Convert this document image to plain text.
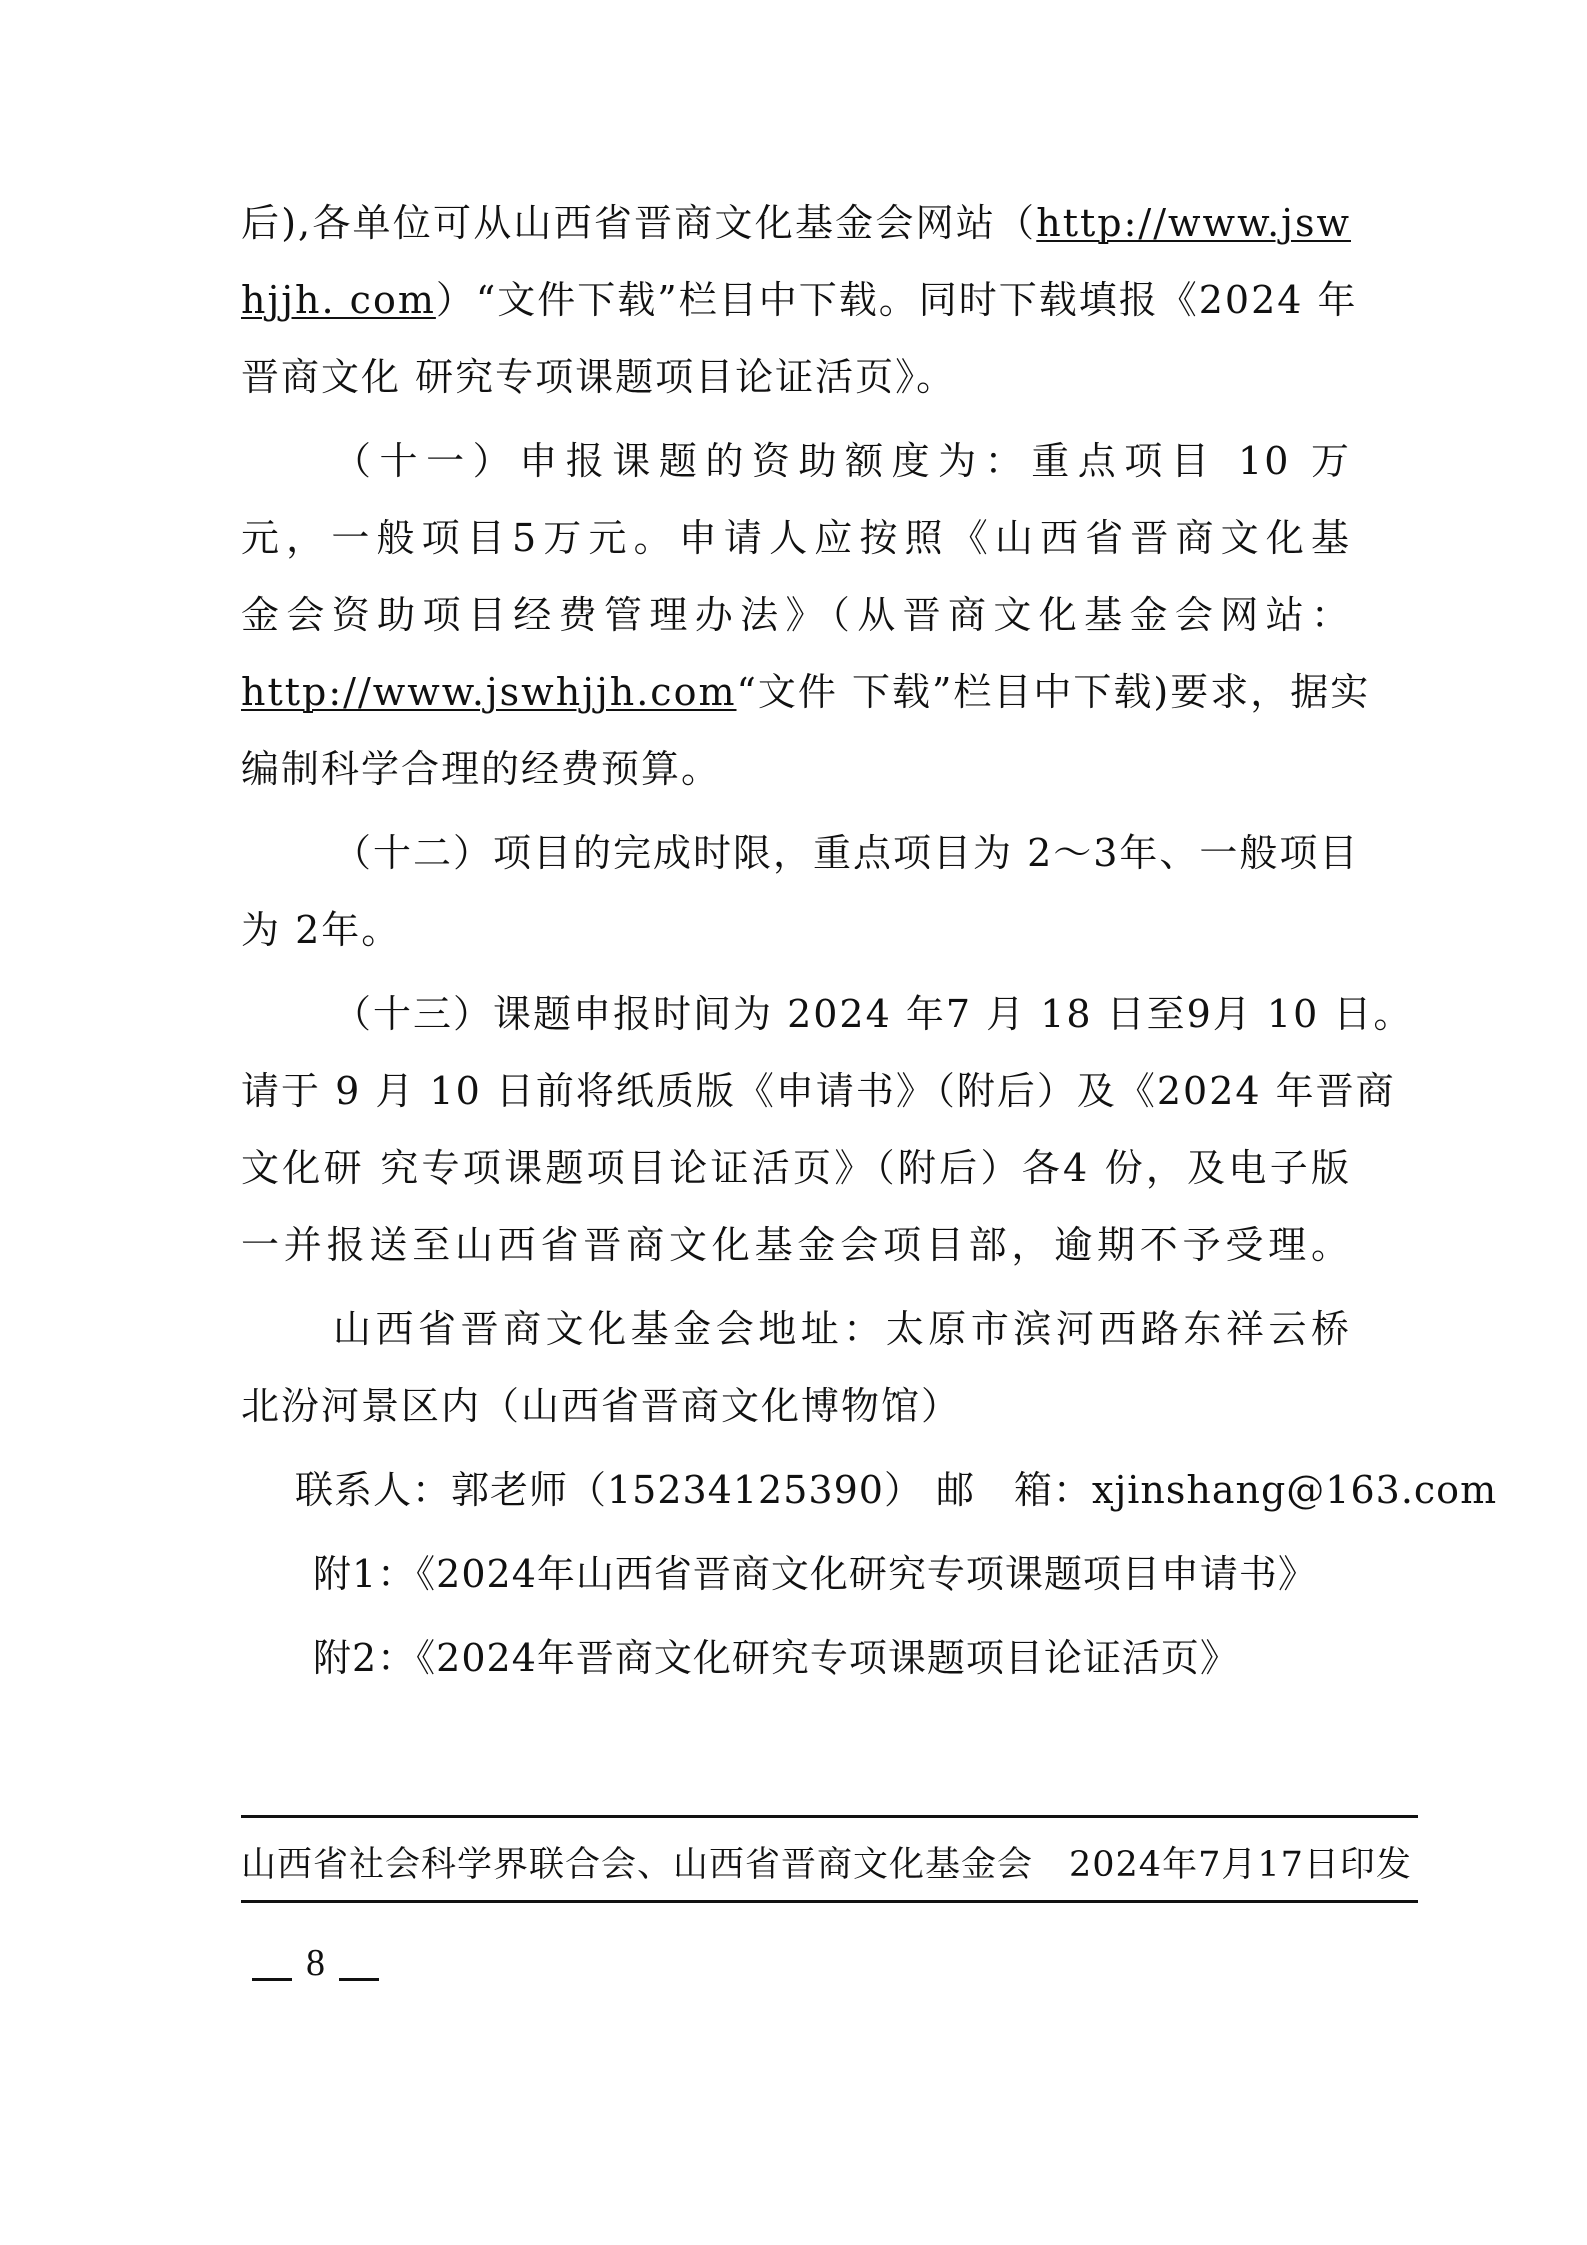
后),各单位可从山西省晋商文化基金会网站（http://www.jsw
hjjh. com）“文件下载”栏目中下载。同时下载填报《2024 年
晋商文化 研究专项课题项目论证活页》。
（十一）申报课题的资助额度为：重点项目 10 万
元，一般项目5万元。申请人应按照《山西省晋商文化基
金会资助项目经费管理办法》（从晋商文化基金会网站：
http://www.jswhjjh.com“文件 下载”栏目中下载)要求，据实
编制科学合理的经费预算。
（十二）项目的完成时限，重点项目为 2～3年、一般项目
为 2年。
（十三）课题申报时间为 2024 年7 月 18 日至9月 10 日。
请于 9 月 10 日前将纸质版《申请书》（附后）及《2024 年晋商
文化研 究专项课题项目论证活页》（附后）各4 份，及电子版
一并报送至山西省晋商文化基金会项目部，逾期不予受理。
山西省晋商文化基金会地址：太原市滨河西路东祥云桥
北汾河景区内（山西省晋商文化博物馆）
联系人：郭老师（15234125390） 邮　箱：xjinshang@163.com
附1：《2024年山西省晋商文化研究专项课题项目申请书》
附2：《2024年晋商文化研究专项课题项目论证活页》
山西省社会科学界联合会、山西省晋商文化基金会　2024年7月17日印发
8
